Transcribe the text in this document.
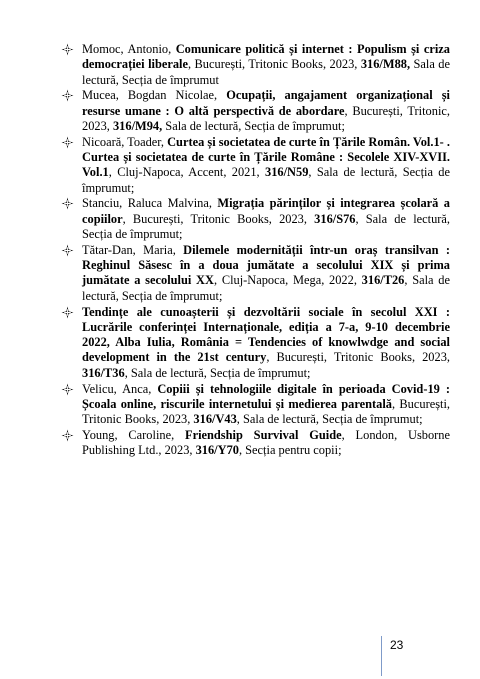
Momoc, Antonio, Comunicare politică și internet : Populism și criza democrației liberale, București, Tritonic Books, 2023, 316/M88, Sala de lectură, Secția de împrumut
Mucea, Bogdan Nicolae, Ocupații, angajament organizațional și resurse umane : O altă perspectivă de abordare, București, Tritonic, 2023, 316/M94, Sala de lectură, Secția de împrumut;
Nicoară, Toader, Curtea și societatea de curte în Țările Român. Vol.1- . Curtea și societatea de curte în Țările Române : Secolele XIV-XVII. Vol.1, Cluj-Napoca, Accent, 2021, 316/N59, Sala de lectură, Secția de împrumut;
Stanciu, Raluca Malvina, Migrația părinților și integrarea școlară a copiilor, București, Tritonic Books, 2023, 316/S76, Sala de lectură, Secția de împrumut;
Tătar-Dan, Maria, Dilemele modernității într-un oraș transilvan : Reghinul Săsesc în a doua jumătate a secolului XIX și prima jumătate a secolului XX, Cluj-Napoca, Mega, 2022, 316/T26, Sala de lectură, Secția de împrumut;
Tendințe ale cunoașterii și dezvoltării sociale în secolul XXI : Lucrările conferinței Internaționale, ediția a 7-a, 9-10 decembrie 2022, Alba Iulia, România = Tendencies of knowlwdge and social development in the 21st century, București, Tritonic Books, 2023, 316/T36, Sala de lectură, Secția de împrumut;
Velicu, Anca, Copiii și tehnologiile digitale în perioada Covid-19 : Școala online, riscurile internetului și medierea parentală, București, Tritonic Books, 2023, 316/V43, Sala de lectură, Secția de împrumut;
Young, Caroline, Friendship Survival Guide, London, Usborne Publishing Ltd., 2023, 316/Y70, Secția pentru copii;
23
